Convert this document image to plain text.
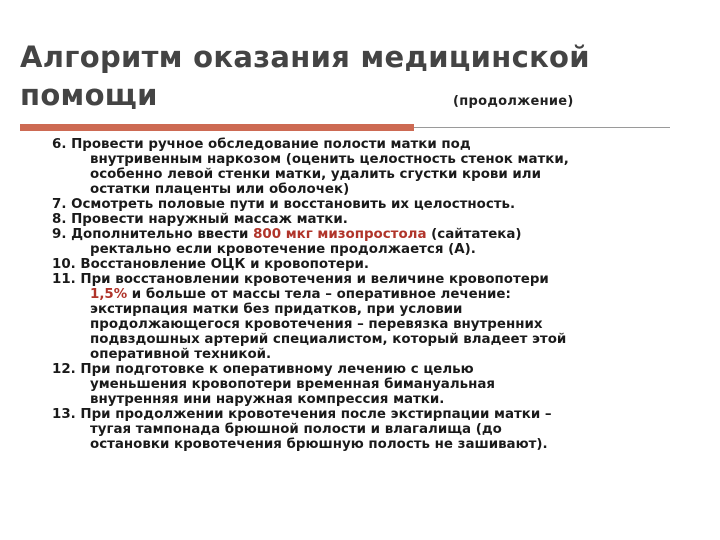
Алгоритм оказания медицинской
помощи	(продолжение)
6. Провести ручное обследование полости матки под
внутривенным наркозом (оценить целостность стенок матки,
особенно левой стенки матки, удалить сгустки крови или
остатки плаценты или оболочек)
7. Осмотреть половые пути и восстановить их целостность.
8. Провести наружный массаж матки.
9. Дополнительно ввести 800 мкг мизопростола (сайтатека)
ректально если кровотечение продолжается (А).
10. Восстановление ОЦК и кровопотери.
11. При восстановлении кровотечения и величине кровопотери
1,5% и больше от массы тела – оперативное лечение:
экстирпация матки без придатков, при условии
продолжающегося кровотечения – перевязка внутренних
подвздошных артерий специалистом, который владеет этой
оперативной техникой.
12. При подготовке к оперативному лечению с целью
уменьшения кровопотери временная бимануальная
внутренняя ини наружная компрессия матки.
13. При продолжении кровотечения после экстирпации матки –
тугая тампонада брюшной полости и влагалища (до
остановки кровотечения брюшную полость не зашивают).
